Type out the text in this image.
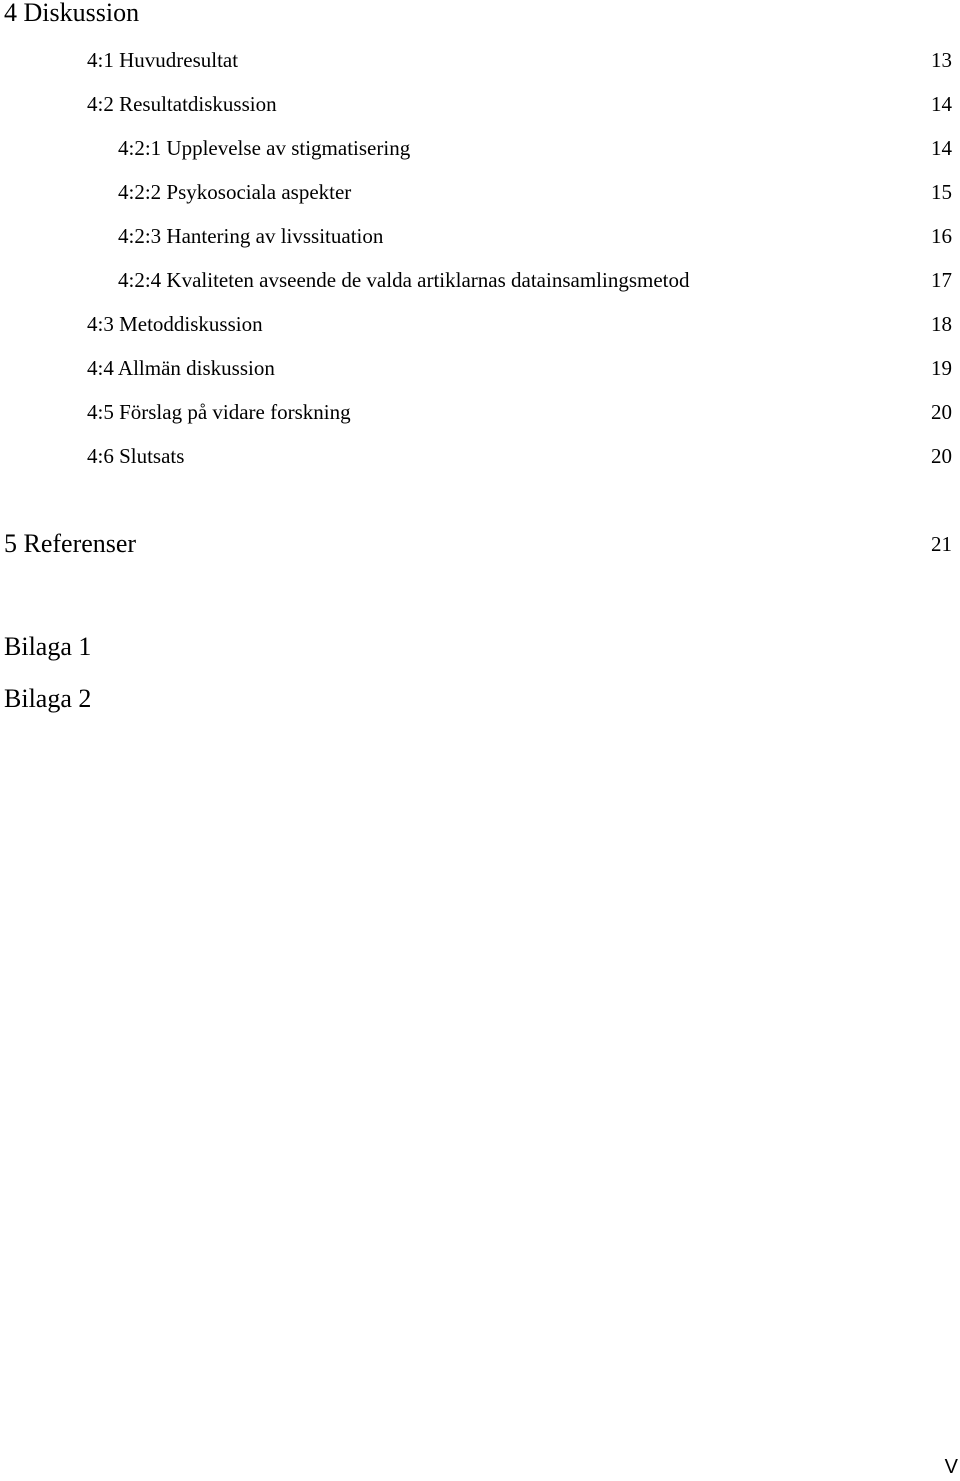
4 Diskussion
4:1 Huvudresultat	13
4:2 Resultatdiskussion	14
4:2:1 Upplevelse av stigmatisering	14
4:2:2 Psykosociala aspekter	15
4:2:3 Hantering av livssituation	16
4:2:4 Kvaliteten avseende de valda artiklarnas datainsamlingsmetod	17
4:3 Metoddiskussion	18
4:4 Allmän diskussion	19
4:5 Förslag på vidare forskning	20
4:6 Slutsats	20
5 Referenser	21
Bilaga 1
Bilaga 2
V
